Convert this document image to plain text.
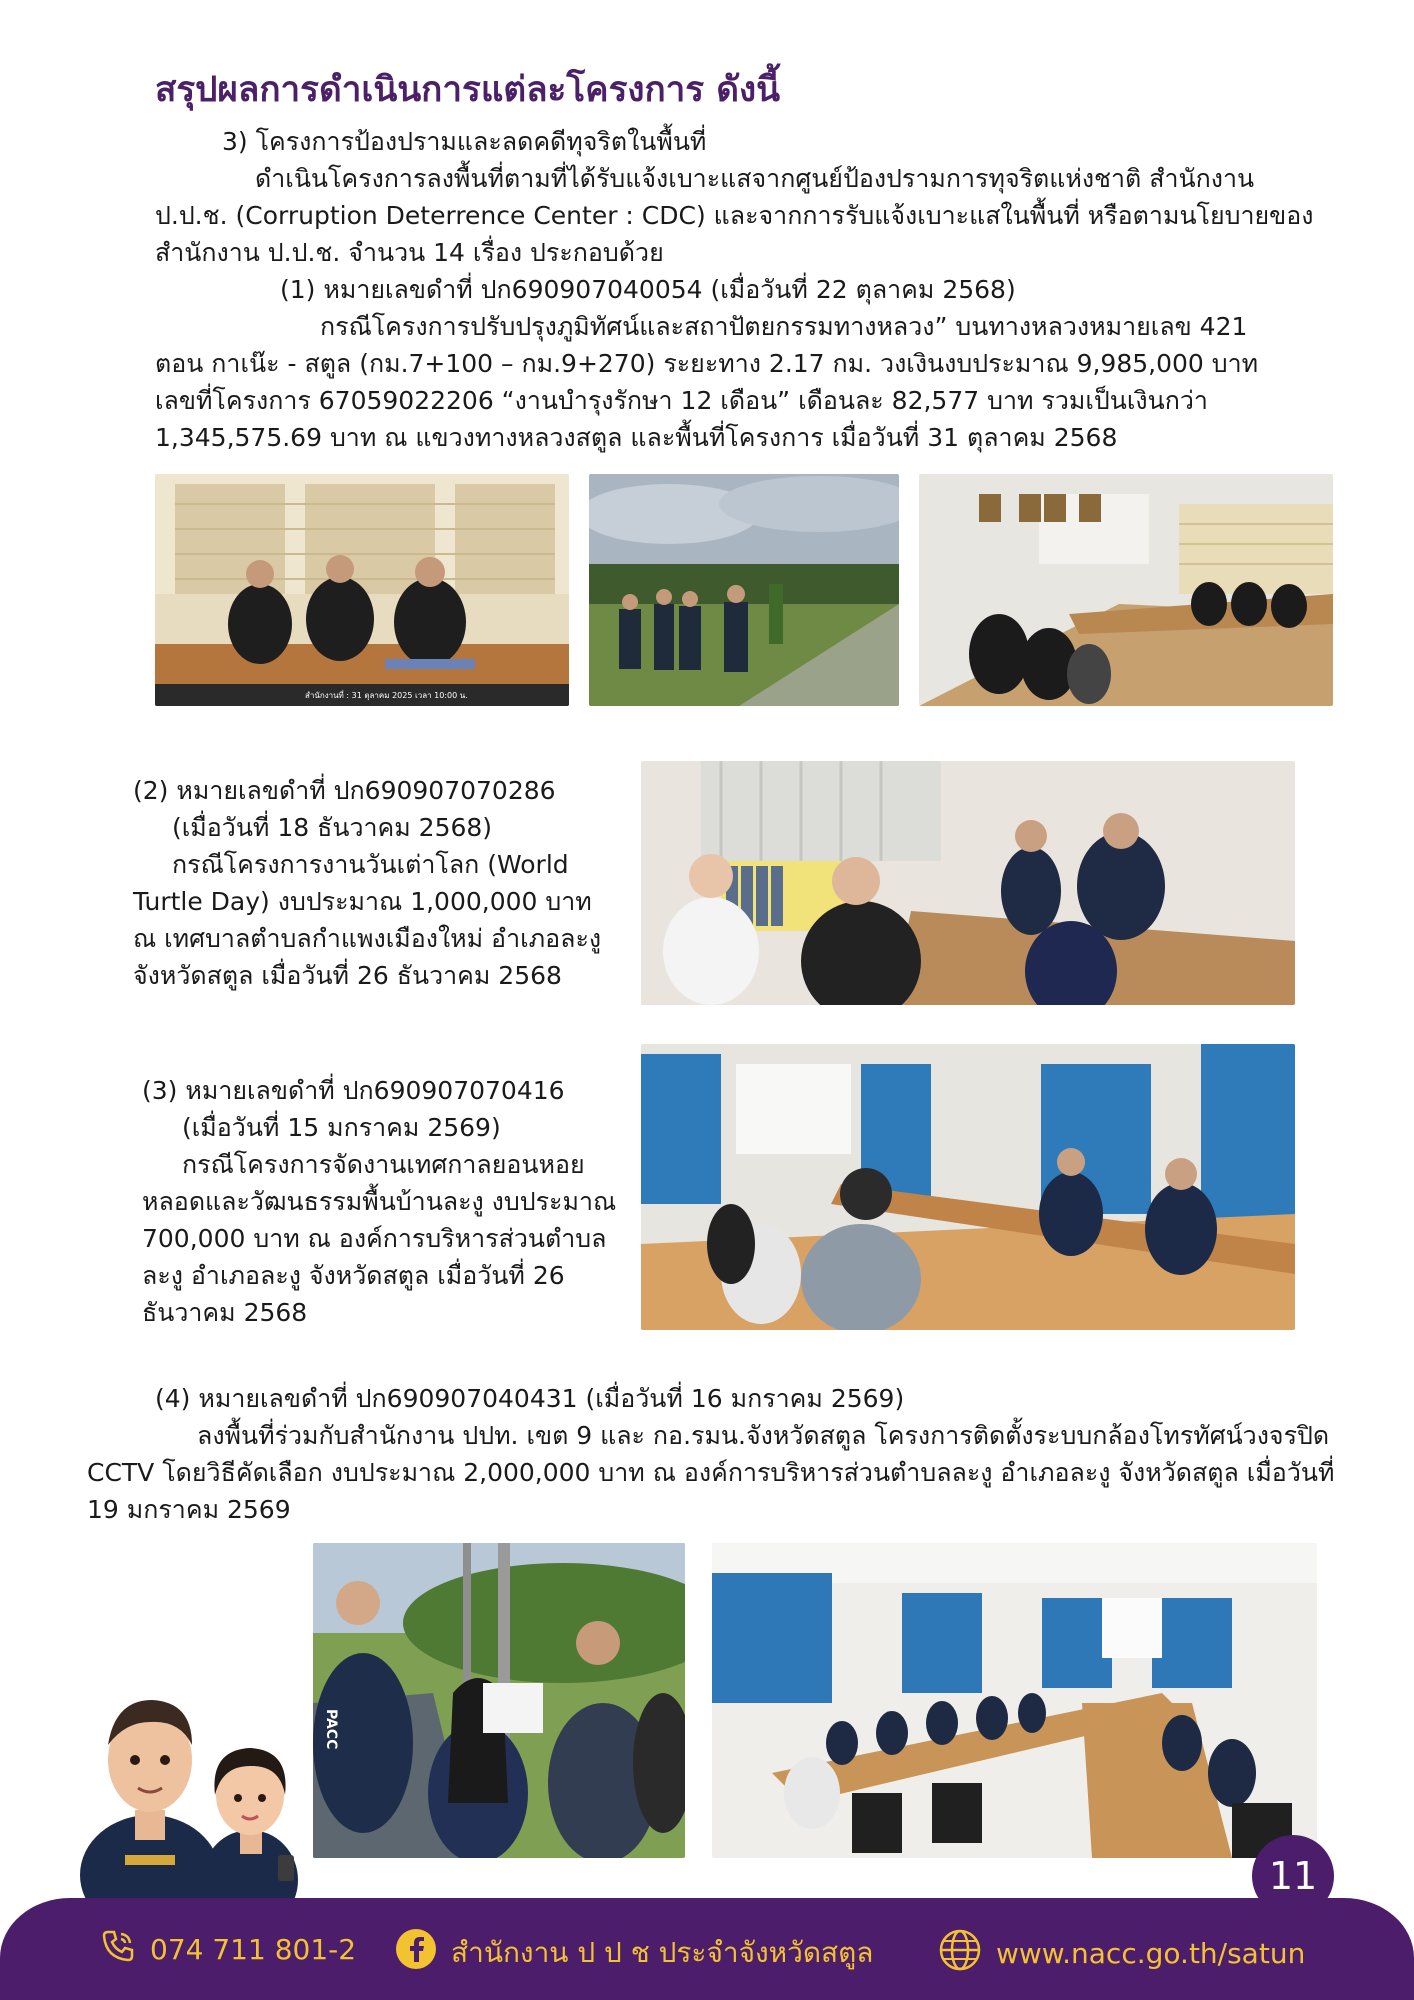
สรุปผลการดำเนินการแต่ละโครงการ ดังนี้
3) โครงการป้องปรามและลดคดีทุจริตในพื้นที่
ดำเนินโครงการลงพื้นที่ตามที่ได้รับแจ้งเบาะแสจากศูนย์ป้องปรามการทุจริตแห่งชาติ สำนักงาน
ป.ป.ช. (Corruption Deterrence Center : CDC) และจากการรับแจ้งเบาะแสในพื้นที่ หรือตามนโยบายของ
สำนักงาน ป.ป.ช. จำนวน 14 เรื่อง ประกอบด้วย
(1) หมายเลขดำที่ ปก690907040054 (เมื่อวันที่ 22 ตุลาคม 2568)
กรณีโครงการปรับปรุงภูมิทัศน์และสถาปัตยกรรมทางหลวง” บนทางหลวงหมายเลข 421
ตอน กาเน๊ะ - สตูล (กม.7+100 – กม.9+270) ระยะทาง 2.17 กม. วงเงินงบประมาณ 9,985,000 บาท
เลขที่โครงการ 67059022206 “งานบำรุงรักษา 12 เดือน” เดือนละ 82,577 บาท รวมเป็นเงินกว่า
1,345,575.69 บาท ณ แขวงทางหลวงสตูล และพื้นที่โครงการ เมื่อวันที่ 31 ตุลาคม 2568
สำนักงานที่ : 31 ตุลาคม 2025 เวลา 10:00 น.
(2) หมายเลขดำที่ ปก690907070286
(เมื่อวันที่ 18 ธันวาคม 2568)
กรณีโครงการงานวันเต่าโลก (World
Turtle Day) งบประมาณ 1,000,000 บาท
ณ เทศบาลตำบลกำแพงเมืองใหม่ อำเภอละงู
จังหวัดสตูล เมื่อวันที่ 26 ธันวาคม 2568
(3) หมายเลขดำที่ ปก690907070416
(เมื่อวันที่ 15 มกราคม 2569)
กรณีโครงการจัดงานเทศกาลยอนหอย
หลอดและวัฒนธรรมพื้นบ้านละงู งบประมาณ
700,000 บาท ณ องค์การบริหารส่วนตำบล
ละงู อำเภอละงู จังหวัดสตูล เมื่อวันที่ 26
ธันวาคม 2568
(4) หมายเลขดำที่ ปก690907040431 (เมื่อวันที่ 16 มกราคม 2569)
ลงพื้นที่ร่วมกับสำนักงาน ปปท. เขต 9 และ กอ.รมน.จังหวัดสตูล โครงการติดตั้งระบบกล้องโทรทัศน์วงจรปิด
CCTV โดยวิธีคัดเลือก งบประมาณ 2,000,000 บาท ณ องค์การบริหารส่วนตำบลละงู อำเภอละงู จังหวัดสตูล เมื่อวันที่
19 มกราคม 2569
PACC
11
074 711 801-2	สำนักงาน ป ป ช ประจำจังหวัดสตูล	www.nacc.go.th/satun
